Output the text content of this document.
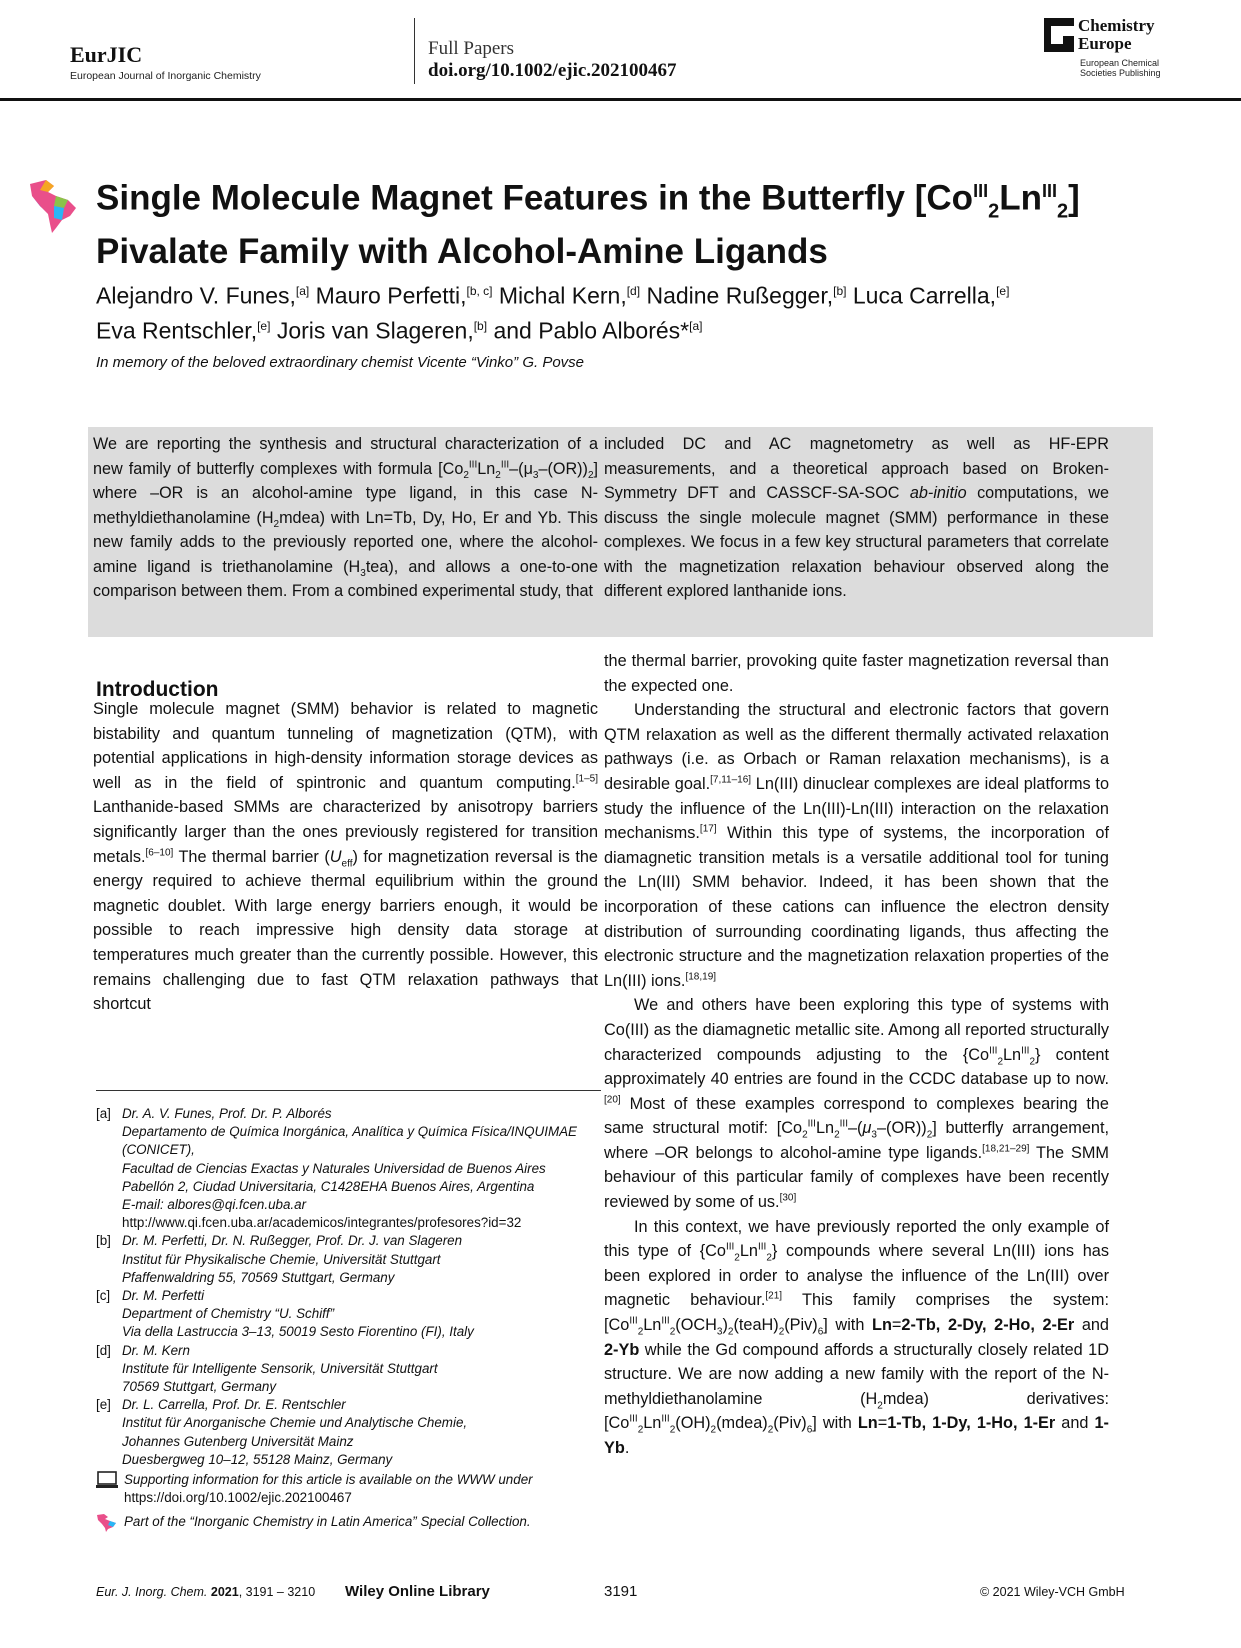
EurJIC
European Journal of Inorganic Chemistry
Full Papers
doi.org/10.1002/ejic.202100467
Chemistry
Europe
European Chemical
Societies Publishing
Single Molecule Magnet Features in the Butterfly $[Co^{III}_2Ln^{III}_2]$
Pivalate Family with Alcohol-Amine Ligands
Alejandro V. Funes,[a] Mauro Perfetti,[b, c] Michal Kern,[d] Nadine Rußegger,[b] Luca Carrella,[e]
Eva Rentschler,[e] Joris van Slageren,[b] and Pablo Alborés*[a]
In memory of the beloved extraordinary chemist Vicente “Vinko” G. Povse
We are reporting the synthesis and structural characterization of a new family of butterfly complexes with formula $[Co_2^{III}Ln_2^{III}-(\mu_3-(OR))_2]$ where –OR is an alcohol-amine type ligand, in this case N-methyldiethanolamine $(H_2mdea)$ with Ln=Tb, Dy, Ho, Er and Yb. This new family adds to the previously reported one, where the alcohol-amine ligand is triethanolamine $(H_3tea)$, and allows a one-to-one comparison between them. From a combined experimental study, that
included DC and AC magnetometry as well as HF-EPR measurements, and a theoretical approach based on Broken-Symmetry DFT and CASSCF-SA-SOC ab-initio computations, we discuss the single molecule magnet (SMM) performance in these complexes. We focus in a few key structural parameters that correlate with the magnetization relaxation behaviour observed along the different explored lanthanide ions.
Introduction

Single molecule magnet (SMM) behavior is related to magnetic bistability and quantum tunneling of magnetization (QTM), with potential applications in high-density information storage devices as well as in the field of spintronic and quantum computing.[1–5] Lanthanide-based SMMs are characterized by anisotropy barriers significantly larger than the ones previously registered for transition metals.[6–10] The thermal barrier $(U_{eff})$ for magnetization reversal is the energy required to achieve thermal equilibrium within the ground magnetic doublet. With large energy barriers enough, it would be possible to reach impressive high density data storage at temperatures much greater than the currently possible. However, this remains challenging due to fast QTM relaxation pathways that shortcut

[a] Dr. A. V. Funes, Prof. Dr. P. Alborés
Departamento de Química Inorgánica, Analítica y Química Física/INQUIMAE (CONICET),
Facultad de Ciencias Exactas y Naturales Universidad de Buenos Aires
Pabellón 2, Ciudad Universitaria, C1428EHA Buenos Aires, Argentina
E-mail: albores@qi.fcen.uba.ar
http://www.qi.fcen.uba.ar/academicos/integrantes/profesores?id=32
[b] Dr. M. Perfetti, Dr. N. Rußegger, Prof. Dr. J. van Slageren
Institut für Physikalische Chemie, Universität Stuttgart
Pfaffenwaldring 55, 70569 Stuttgart, Germany
[c] Dr. M. Perfetti
Department of Chemistry “U. Schiff”
Via della Lastruccia 3–13, 50019 Sesto Fiorentino (FI), Italy
[d] Dr. M. Kern
Institute für Intelligente Sensorik, Universität Stuttgart
70569 Stuttgart, Germany
[e] Dr. L. Carrella, Prof. Dr. E. Rentschler
Institut für Anorganische Chemie und Analytische Chemie,
Johannes Gutenberg Universität Mainz
Duesbergweg 10–12, 55128 Mainz, Germany
Supporting information for this article is available on the WWW under https://doi.org/10.1002/ejic.202100467
Part of the “Inorganic Chemistry in Latin America” Special Collection.

the thermal barrier, provoking quite faster magnetization reversal than the expected one.

Understanding the structural and electronic factors that govern QTM relaxation as well as the different thermally activated relaxation pathways (i.e. as Orbach or Raman relaxation mechanisms), is a desirable goal.[7,11–16] Ln(III) dinuclear complexes are ideal platforms to study the influence of the Ln(III)-Ln(III) interaction on the relaxation mechanisms.[17] Within this type of systems, the incorporation of diamagnetic transition metals is a versatile additional tool for tuning the Ln(III) SMM behavior. Indeed, it has been shown that the incorporation of these cations can influence the electron density distribution of surrounding coordinating ligands, thus affecting the electronic structure and the magnetization relaxation properties of the Ln(III) ions.[18,19]

We and others have been exploring this type of systems with Co(III) as the diamagnetic metallic site. Among all reported structurally characterized compounds adjusting to the $\{Co^{III}_2Ln^{III}_2\}$ content approximately 40 entries are found in the CCDC database up to now.[20] Most of these examples correspond to complexes bearing the same structural motif: $[Co_2^{III}Ln_2^{III}-(\mu_3-(OR))_2]$ butterfly arrangement, where –OR belongs to alcohol-amine type ligands.[18,21–29] The SMM behaviour of this particular family of complexes have been recently reviewed by some of us.[30]

In this context, we have previously reported the only example of this type of $\{Co^{III}_2Ln^{III}_2\}$ compounds where several Ln(III) ions has been explored in order to analyse the influence of the Ln(III) over magnetic behaviour.[21] This family comprises the system: $[Co^{III}_2Ln^{III}_2(OCH_3)_2(teaH)_2(Piv)_6]$ with Ln=2-Tb, 2-Dy, 2-Ho, 2-Er and 2-Yb while the Gd compound affords a structurally closely related 1D structure. We are now adding a new family with the report of the N-methyldiethanolamine $(H_2mdea)$ derivatives: $[Co^{III}_2Ln^{III}_2(OH)_2(mdea)_2(Piv)_6]$ with Ln=1-Tb, 1-Dy, 1-Ho, 1-Er and 1-Yb.

Eur. J. Inorg. Chem. 2021, 3191 – 3210 Wiley Online Library	3191	© 2021 Wiley-VCH GmbH
